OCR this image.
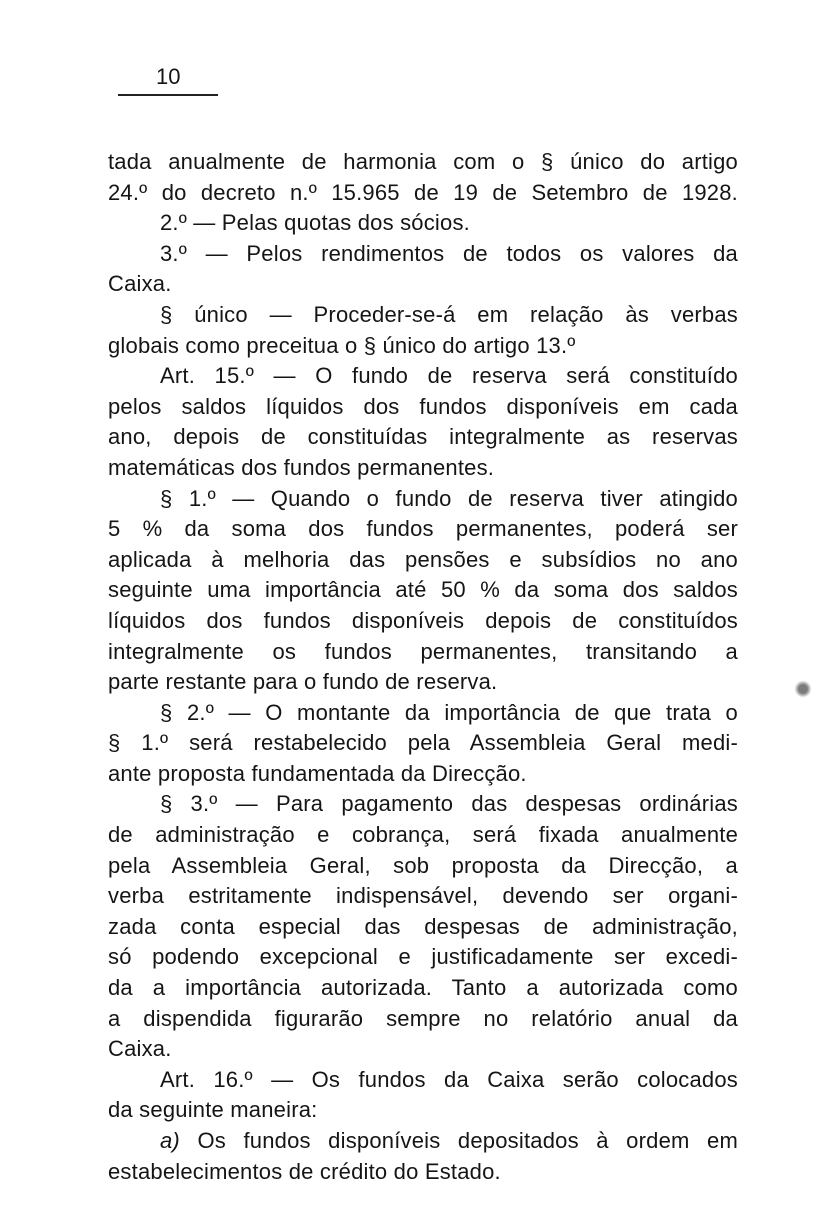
10
tada anualmente de harmonia com o § único do artigo
24.º do decreto n.º 15.965 de 19 de Setembro de 1928.
2.º — Pelas quotas dos sócios.
3.º — Pelos rendimentos de todos os valores da
Caixa.
§ único — Proceder-se-á em relação às verbas
globais como preceitua o § único do artigo 13.º
Art. 15.º — O fundo de reserva será constituído
pelos saldos líquidos dos fundos disponíveis em cada
ano, depois de constituídas integralmente as reservas
matemáticas dos fundos permanentes.
§ 1.º — Quando o fundo de reserva tiver atingido
5 % da soma dos fundos permanentes, poderá ser
aplicada à melhoria das pensões e subsídios no ano
seguinte uma importância até 50 % da soma dos saldos
líquidos dos fundos disponíveis depois de constituídos
integralmente os fundos permanentes, transitando a
parte restante para o fundo de reserva.
§ 2.º — O montante da importância de que trata o
§ 1.º será restabelecido pela Assembleia Geral medi-
ante proposta fundamentada da Direcção.
§ 3.º — Para pagamento das despesas ordinárias
de administração e cobrança, será fixada anualmente
pela Assembleia Geral, sob proposta da Direcção, a
verba estritamente indispensável, devendo ser organi-
zada conta especial das despesas de administração,
só podendo excepcional e justificadamente ser excedi-
da a importância autorizada. Tanto a autorizada como
a dispendida figurarão sempre no relatório anual da
Caixa.
Art. 16.º — Os fundos da Caixa serão colocados
da seguinte maneira:
a) Os fundos disponíveis depositados à ordem em
estabelecimentos de crédito do Estado.
